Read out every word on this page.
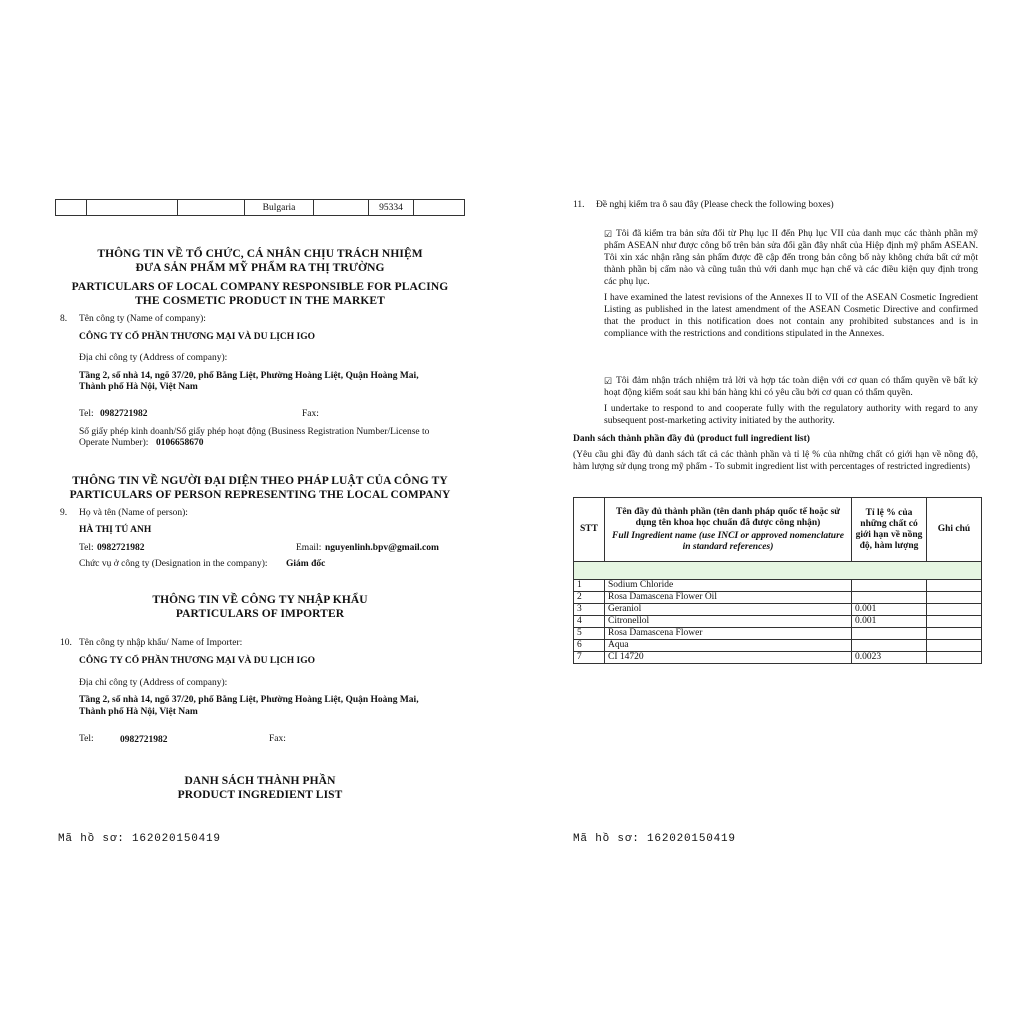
			Bulgaria		95334	
THÔNG TIN VỀ TỔ CHỨC, CÁ NHÂN CHỊU TRÁCH NHIỆM
ĐƯA SẢN PHẨM MỸ PHẨM RA THỊ TRƯỜNG
PARTICULARS OF LOCAL COMPANY RESPONSIBLE FOR PLACING
THE COSMETIC PRODUCT IN THE MARKET
8. Tên công ty (Name of company):
CÔNG TY CỔ PHẦN THƯƠNG MẠI VÀ DU LỊCH IGO
Địa chỉ công ty (Address of company):
Tầng 2, số nhà 14, ngõ 37/20, phố Bằng Liệt, Phường Hoàng Liệt, Quận Hoàng Mai,
Thành phố Hà Nội, Việt Nam
Tel: 0982721982	Fax:
Số giấy phép kinh doanh/Số giấy phép hoạt động (Business Registration Number/License to
Operate Number): 0106658670
THÔNG TIN VỀ NGƯỜI ĐẠI DIỆN THEO PHÁP LUẬT CỦA CÔNG TY
PARTICULARS OF PERSON REPRESENTING THE LOCAL COMPANY
9. Họ và tên (Name of person):
HÀ THỊ TÚ ANH
Tel: 0982721982	Email: nguyenlinh.bpv@gmail.com
Chức vụ ở công ty (Designation in the company): Giám đốc
THÔNG TIN VỀ CÔNG TY NHẬP KHẨU
PARTICULARS OF IMPORTER
10. Tên công ty nhập khẩu/ Name of Importer:
CÔNG TY CỔ PHẦN THƯƠNG MẠI VÀ DU LỊCH IGO
Địa chỉ công ty (Address of company):
Tầng 2, số nhà 14, ngõ 37/20, phố Bằng Liệt, Phường Hoàng Liệt, Quận Hoàng Mai,
Thành phố Hà Nội, Việt Nam
Tel:	0982721982	Fax:
DANH SÁCH THÀNH PHẦN
PRODUCT INGREDIENT LIST
Mã hồ sơ: 162020150419
11. Đề nghị kiểm tra ô sau đây (Please check the following boxes)
☑ Tôi đã kiểm tra bản sửa đổi từ Phụ lục II đến Phụ lục VII của danh mục các thành phần mỹ phẩm ASEAN như được công bố trên bản sửa đổi gần đây nhất của Hiệp định mỹ phẩm ASEAN. Tôi xin xác nhận rằng sản phẩm được đề cập đến trong bản công bố này không chứa bất cứ một thành phần bị cấm nào và cũng tuân thủ với danh mục hạn chế và các điều kiện quy định trong các phụ lục.
I have examined the latest revisions of the Annexes II to VII of the ASEAN Cosmetic Ingredient Listing as published in the latest amendment of the ASEAN Cosmetic Directive and confirmed that the product in this notification does not contain any prohibited substances and is in compliance with the restrictions and conditions stipulated in the Annexes.
☑ Tôi đảm nhận trách nhiệm trả lời và hợp tác toàn diện với cơ quan có thẩm quyền về bất kỳ hoạt động kiểm soát sau khi bán hàng khi có yêu cầu bởi cơ quan có thẩm quyền.
I undertake to respond to and cooperate fully with the regulatory authority with regard to any subsequent post-marketing activity initiated by the authority.
Danh sách thành phần đầy đủ (product full ingredient list)
(Yêu cầu ghi đầy đủ danh sách tất cả các thành phần và tỉ lệ % của những chất có giới hạn về nồng độ, hàm lượng sử dụng trong mỹ phẩm - To submit ingredient list with percentages of restricted ingredients)
STT	Tên đầy đủ thành phần (tên danh pháp quốc tế hoặc sử dụng tên khoa học chuẩn đã được công nhận)
Full Ingredient name (use INCI or approved nomenclature in standard references)	Tỉ lệ % của những chất có giới hạn về nồng độ, hàm lượng	Ghi chú

1	Sodium Chloride		
2	Rosa Damascena Flower Oil		
3	Geraniol	0.001	
4	Citronellol	0.001	
5	Rosa Damascena Flower		
6	Aqua		
7	CI 14720	0.0023	
Mã hồ sơ: 162020150419
